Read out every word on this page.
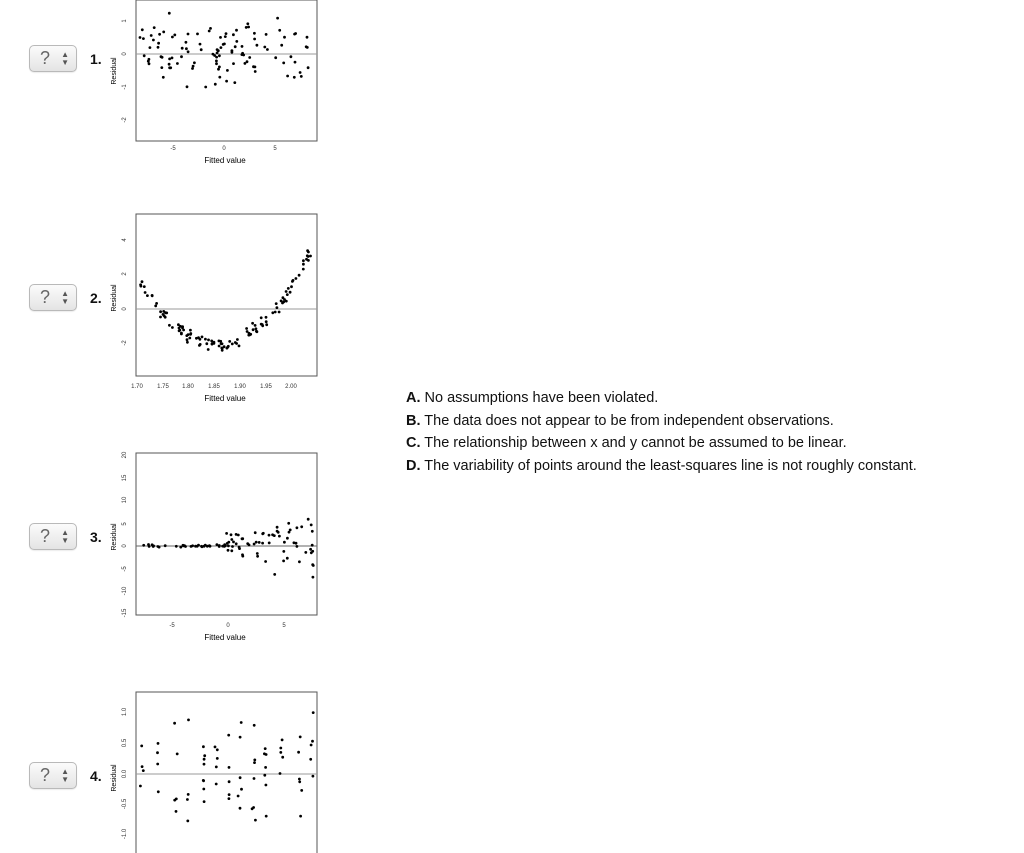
? ▲
▼ 1. Residual
Fitted value
1
0
-1
-2
-5	0	5
? ▲
▼ 2. Residual
Fitted value
4
2
0
-2
1.70 1.75 1.80 1.85 1.90 1.95 2.00
? ▲
▼ 3. Residual
Fitted value
20
15
10
5
0
-5
-10
-15
-5	0	5
? ▲
▼ 4. Residual
1.0
0.5
0.0
-0.5
-1.0
A. No assumptions have been violated.
B. The data does not appear to be from independent observations.
C. The relationship between x and y cannot be assumed to be linear.
D. The variability of points around the least-squares line is not roughly constant.
